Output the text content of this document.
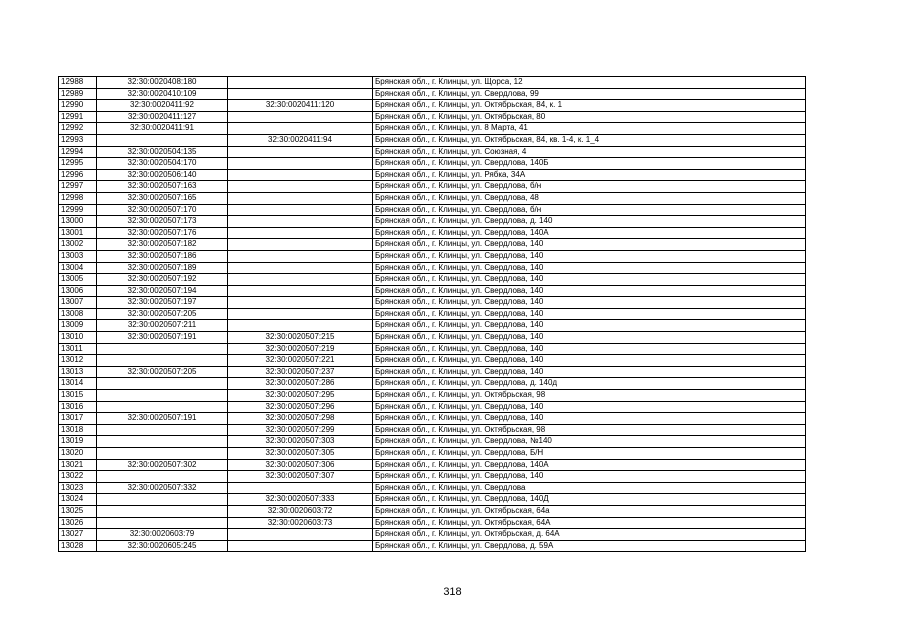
12988	32:30:0020408:180		Брянская обл., г. Клинцы, ул. Щорса, 12
12989	32:30:0020410:109		Брянская обл., г. Клинцы, ул. Свердлова, 99
12990	32:30:0020411:92	32:30:0020411:120	Брянская обл., г. Клинцы, ул. Октябрьская, 84, к. 1
12991	32:30:0020411:127		Брянская обл., г. Клинцы, ул. Октябрьская, 80
12992	32:30:0020411:91		Брянская обл., г. Клинцы, ул. 8 Марта, 41
12993		32:30:0020411:94	Брянская обл., г. Клинцы, ул. Октябрьская, 84, кв. 1-4, к. 1_4
12994	32:30:0020504:135		Брянская обл., г. Клинцы, ул. Союзная, 4
12995	32:30:0020504:170		Брянская обл., г. Клинцы, ул. Свердлова, 140Б
12996	32:30:0020506:140		Брянская обл., г. Клинцы, ул. Рябка, 34А
12997	32:30:0020507:163		Брянская обл., г. Клинцы, ул. Свердлова, б/н
12998	32:30:0020507:165		Брянская обл., г. Клинцы, ул. Свердлова, 48
12999	32:30:0020507:170		Брянская обл., г. Клинцы, ул. Свердлова, б/н
13000	32:30:0020507:173		Брянская обл., г. Клинцы, ул. Свердлова, д. 140
13001	32:30:0020507:176		Брянская обл., г. Клинцы, ул. Свердлова, 140А
13002	32:30:0020507:182		Брянская обл., г. Клинцы, ул. Свердлова, 140
13003	32:30:0020507:186		Брянская обл., г. Клинцы, ул. Свердлова, 140
13004	32:30:0020507:189		Брянская обл., г. Клинцы, ул. Свердлова, 140
13005	32:30:0020507:192		Брянская обл., г. Клинцы, ул. Свердлова, 140
13006	32:30:0020507:194		Брянская обл., г. Клинцы, ул. Свердлова, 140
13007	32:30:0020507:197		Брянская обл., г. Клинцы, ул. Свердлова, 140
13008	32:30:0020507:205		Брянская обл., г. Клинцы, ул. Свердлова, 140
13009	32:30:0020507:211		Брянская обл., г. Клинцы, ул. Свердлова, 140
13010	32:30:0020507:191	32:30:0020507:215	Брянская обл., г. Клинцы, ул. Свердлова, 140
13011		32:30:0020507:219	Брянская обл., г. Клинцы, ул. Свердлова, 140
13012		32:30:0020507:221	Брянская обл., г. Клинцы, ул. Свердлова, 140
13013	32:30:0020507:205	32:30:0020507:237	Брянская обл., г. Клинцы, ул. Свердлова, 140
13014		32:30:0020507:286	Брянская обл., г. Клинцы, ул. Свердлова, д. 140д
13015		32:30:0020507:295	Брянская обл., г. Клинцы, ул. Октябрьская, 98
13016		32:30:0020507:296	Брянская обл., г. Клинцы, ул. Свердлова, 140
13017	32:30:0020507:191	32:30:0020507:298	Брянская обл., г. Клинцы, ул. Свердлова, 140
13018		32:30:0020507:299	Брянская обл., г. Клинцы, ул. Октябрьская, 98
13019		32:30:0020507:303	Брянская обл., г. Клинцы, ул. Свердлова, №140
13020		32:30:0020507:305	Брянская обл., г. Клинцы, ул. Свердлова, Б/Н
13021	32:30:0020507:302	32:30:0020507:306	Брянская обл., г. Клинцы, ул. Свердлова, 140А
13022		32:30:0020507:307	Брянская обл., г. Клинцы, ул. Свердлова, 140
13023	32:30:0020507:332		Брянская обл., г. Клинцы, ул. Свердлова
13024		32:30:0020507:333	Брянская обл., г. Клинцы, ул. Свердлова, 140Д
13025		32:30:0020603:72	Брянская обл., г. Клинцы, ул. Октябрьская, 64а
13026		32:30:0020603:73	Брянская обл., г. Клинцы, ул. Октябрьская, 64А
13027	32:30:0020603:79		Брянская обл., г. Клинцы, ул. Октябрьская, д. 64А
13028	32:30:0020605:245		Брянская обл., г. Клинцы, ул. Свердлова, д. 59А
318
